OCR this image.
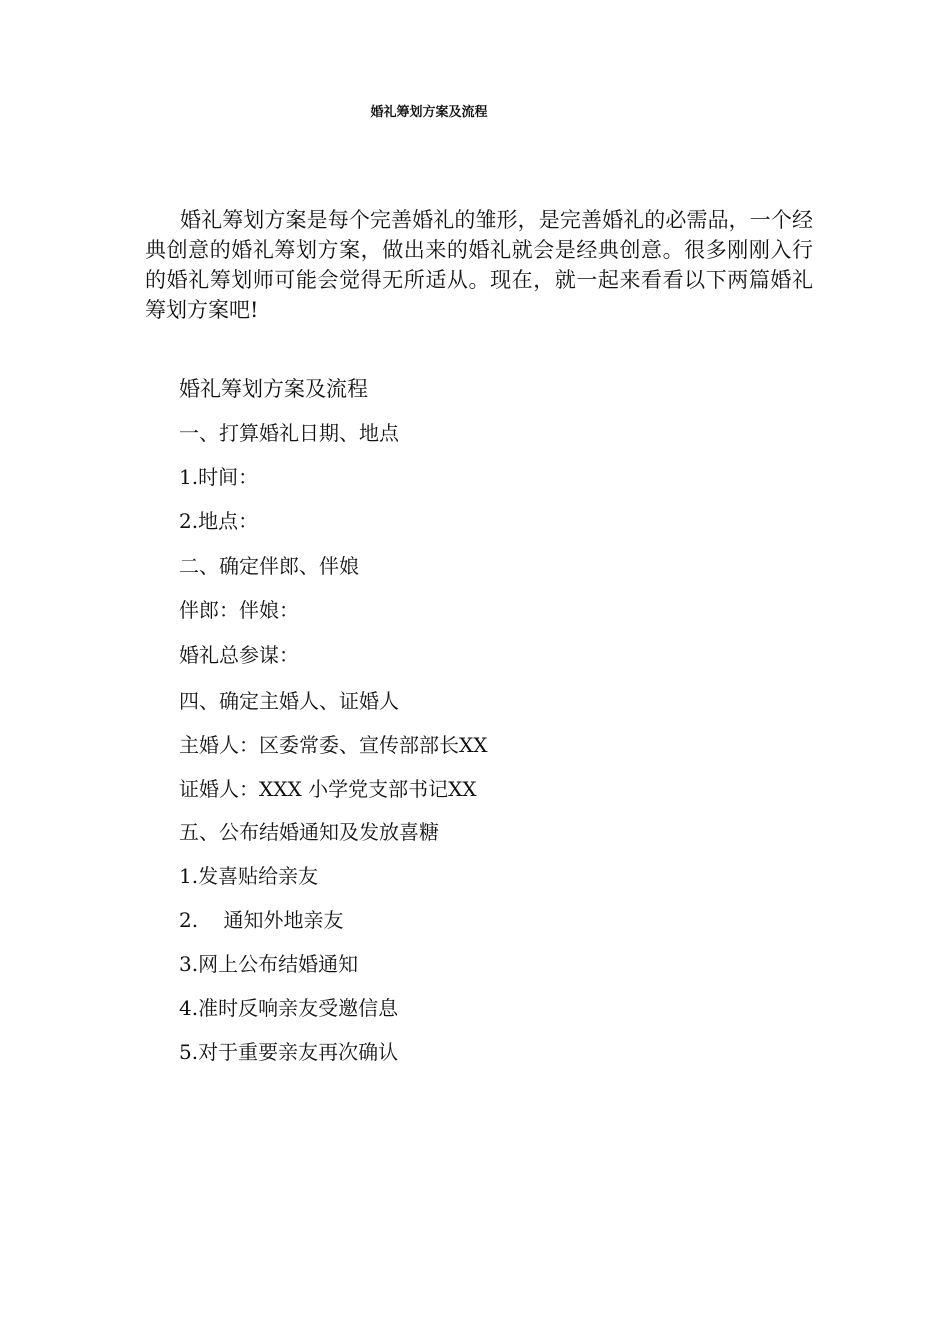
婚礼筹划方案及流程

婚礼筹划方案是每个完善婚礼的雏形，是完善婚礼的必需品，一个经典创意的婚礼筹划方案，做出来的婚礼就会是经典创意。很多刚刚入行的婚礼筹划师可能会觉得无所适从。现在，就一起来看看以下两篇婚礼筹划方案吧!

婚礼筹划方案及流程
一、打算婚礼日期、地点
1.时间：
2.地点：
二、确定伴郎、伴娘
伴郎：伴娘：
婚礼总参谋：
四、确定主婚人、证婚人
主婚人：区委常委、宣传部部长XX
证婚人：XXX 小学党支部书记XX
五、公布结婚通知及发放喜糖
1.发喜贴给亲友
2.    通知外地亲友
3.网上公布结婚通知
4.准时反响亲友受邀信息
5.对于重要亲友再次确认
